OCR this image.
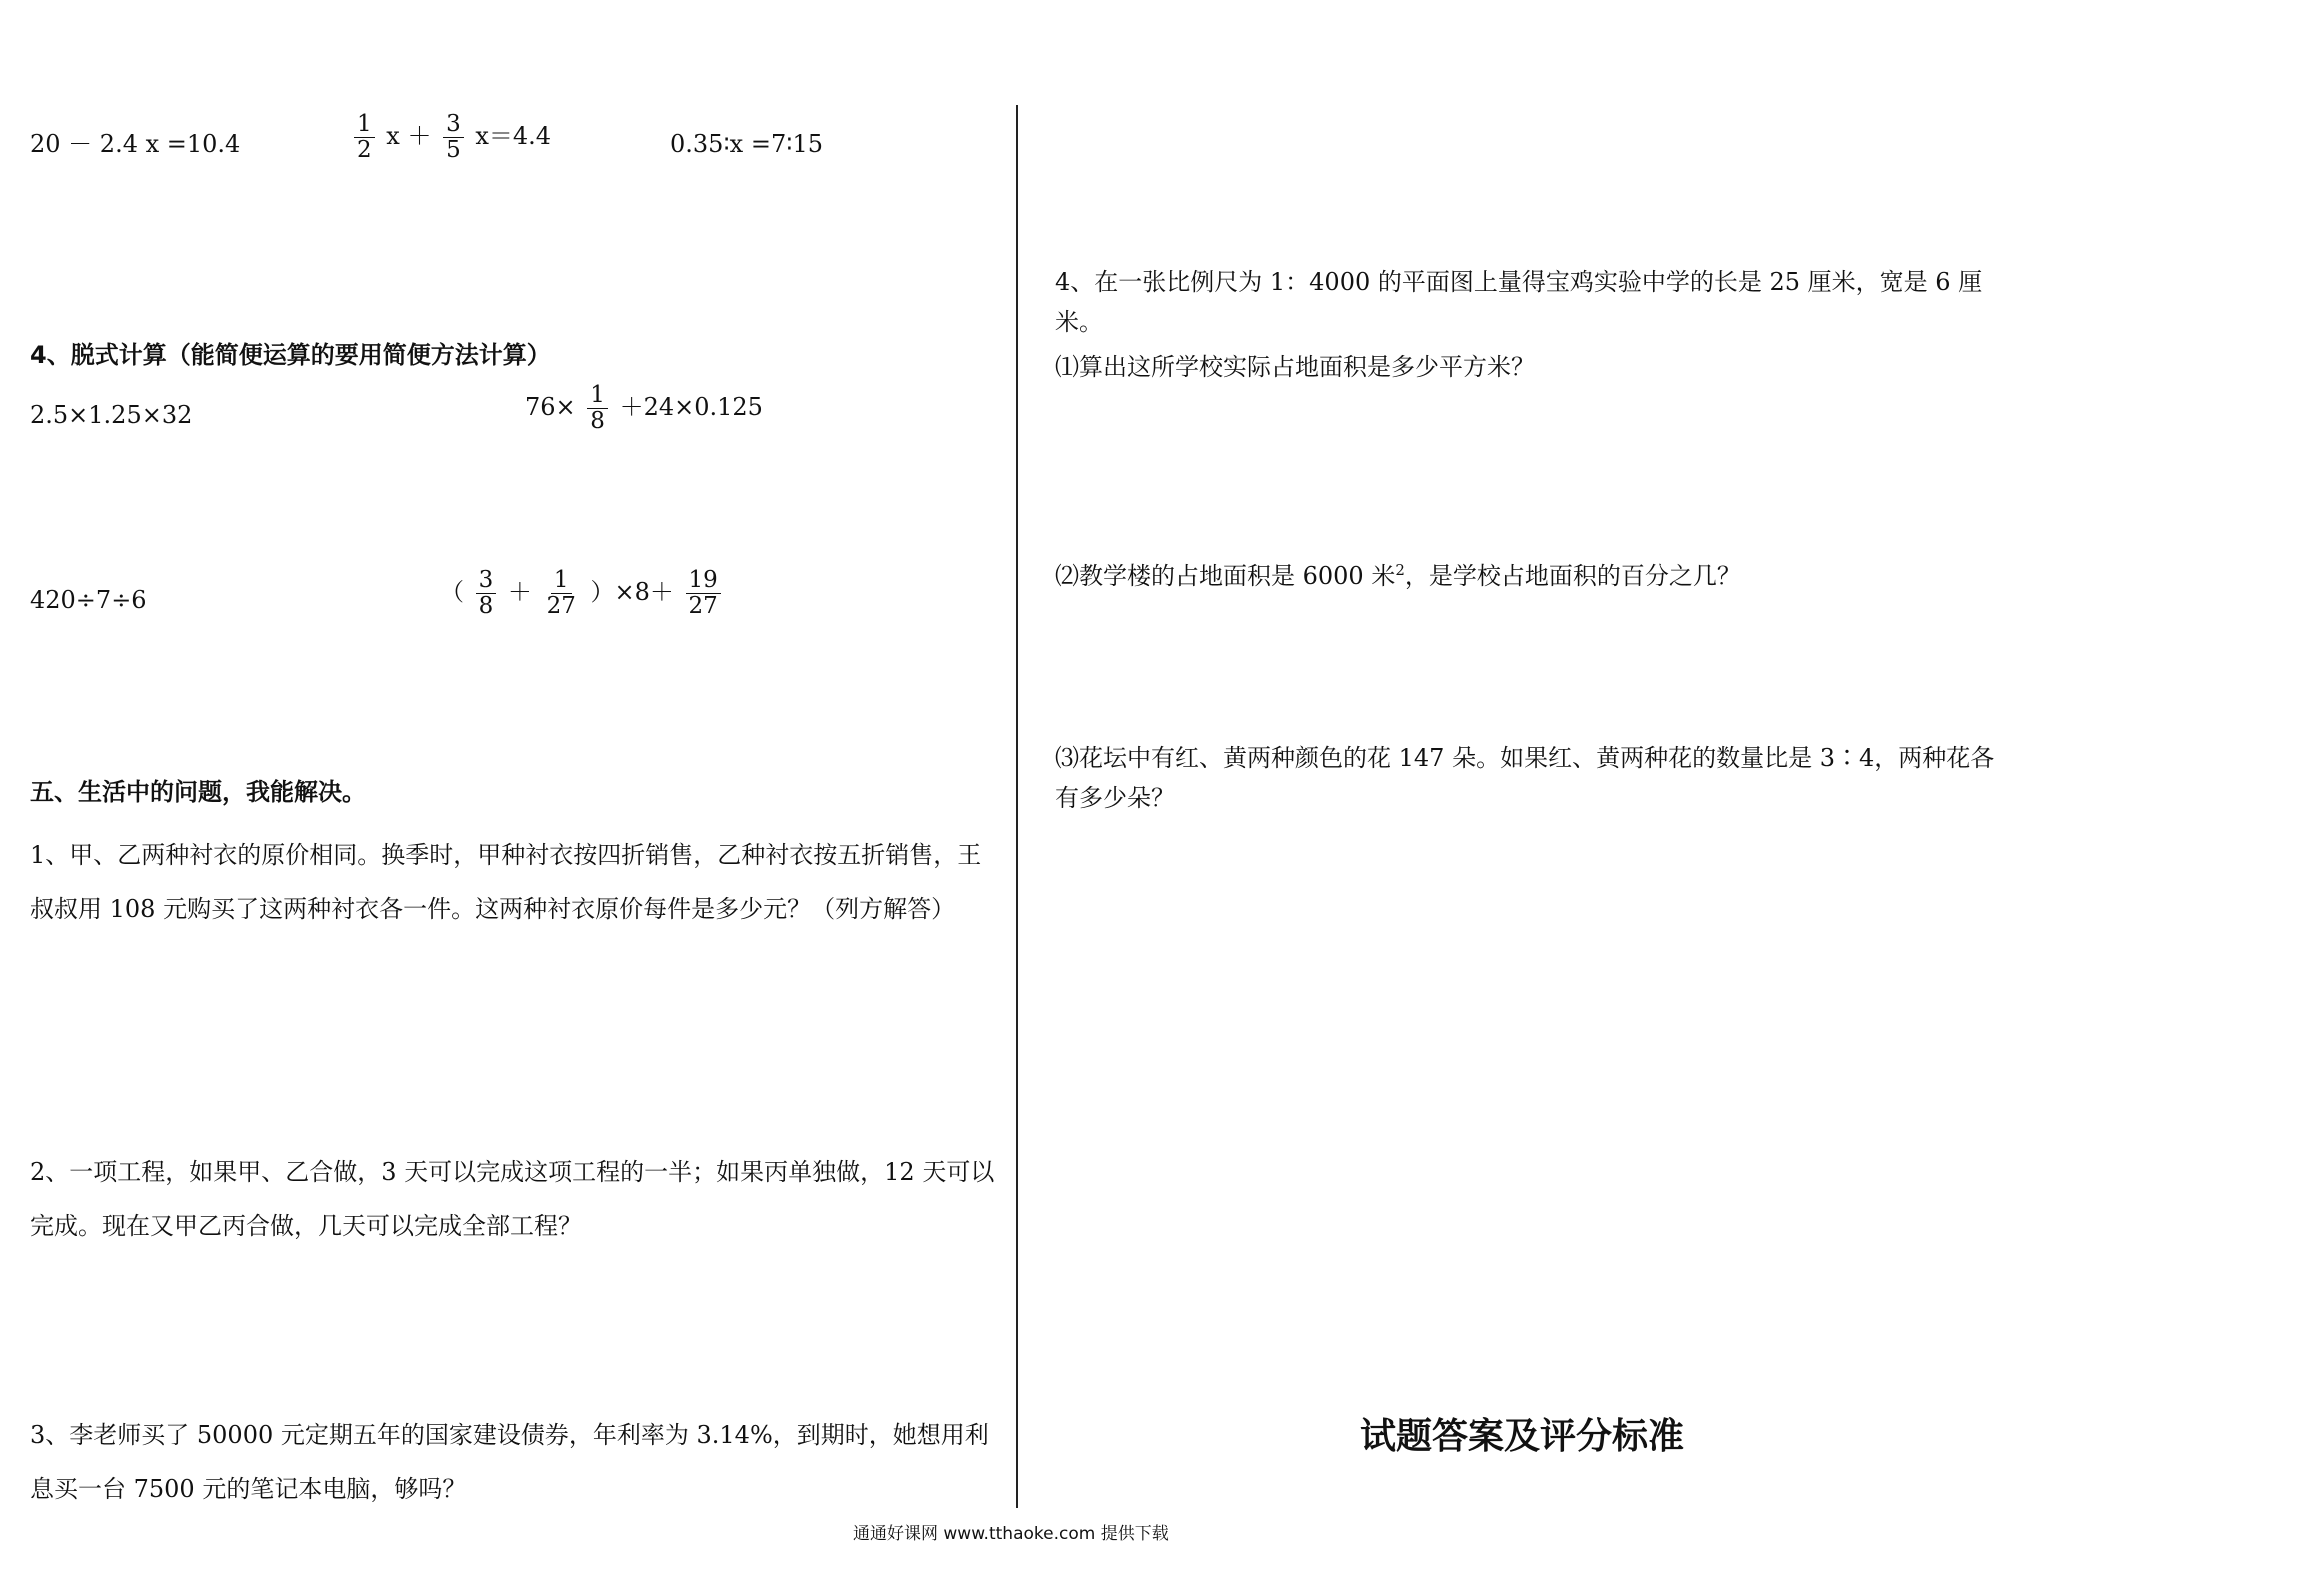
20 － 2.4 x =10.4	$\frac{1}{2}$ $x + \frac{3}{5} x=4.4$	0.35∶x =7∶15
4、脱式计算（能简便运算的要用简便方法计算）
2.5×1.25×32	$76\times \frac{1}{8} +24\times 0.125$
420÷7÷6	（ $\frac{3}{8} + \frac{1}{27} )\times 8+ \frac{19}{27}$
五、生活中的问题，我能解决。
1、甲、乙两种衬衣的原价相同。换季时，甲种衬衣按四折销售，乙种衬衣按五折销售，王叔叔用 108 元购买了这两种衬衣各一件。这两种衬衣原价每件是多少元？（列方解答）
2、一项工程，如果甲、乙合做，3 天可以完成这项工程的一半；如果丙单独做，12 天可以完成。现在又甲乙丙合做，几天可以完成全部工程？
3、李老师买了 50000 元定期五年的国家建设债券，年利率为 3.14%，到期时，她想用利息买一台 7500 元的笔记本电脑，够吗？
4、在一张比例尺为 1：4000 的平面图上量得宝鸡实验中学的长是 25 厘米，宽是 6 厘米。
⑴算出这所学校实际占地面积是多少平方米？
⑵教学楼的占地面积是 6000 米$^2$，是学校占地面积的百分之几？
⑶花坛中有红、黄两种颜色的花 147 朵。如果红、黄两种花的数量比是 3∶4，两种花各有多少朵？
试题答案及评分标准
通通好课网 www.tthaoke.com 提供下载
